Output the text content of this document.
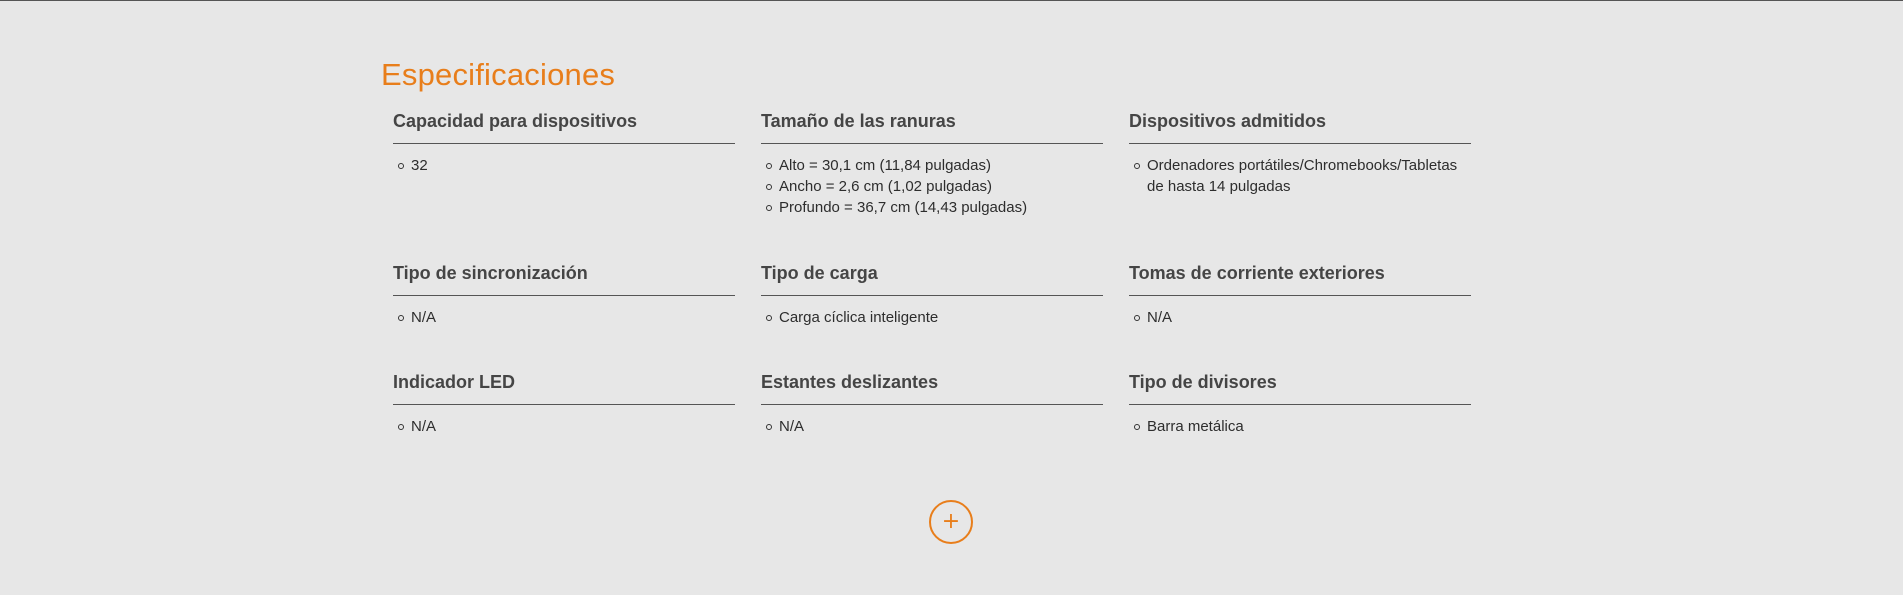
Especificaciones
Capacidad para dispositivos
32
Tamaño de las ranuras
Alto = 30,1 cm (11,84 pulgadas)
Ancho = 2,6 cm (1,02 pulgadas)
Profundo = 36,7 cm (14,43 pulgadas)
Dispositivos admitidos
Ordenadores portátiles/Chromebooks/Tabletas de hasta 14 pulgadas
Tipo de sincronización
N/A
Tipo de carga
Carga cíclica inteligente
Tomas de corriente exteriores
N/A
Indicador LED
N/A
Estantes deslizantes
N/A
Tipo de divisores
Barra metálica
+
